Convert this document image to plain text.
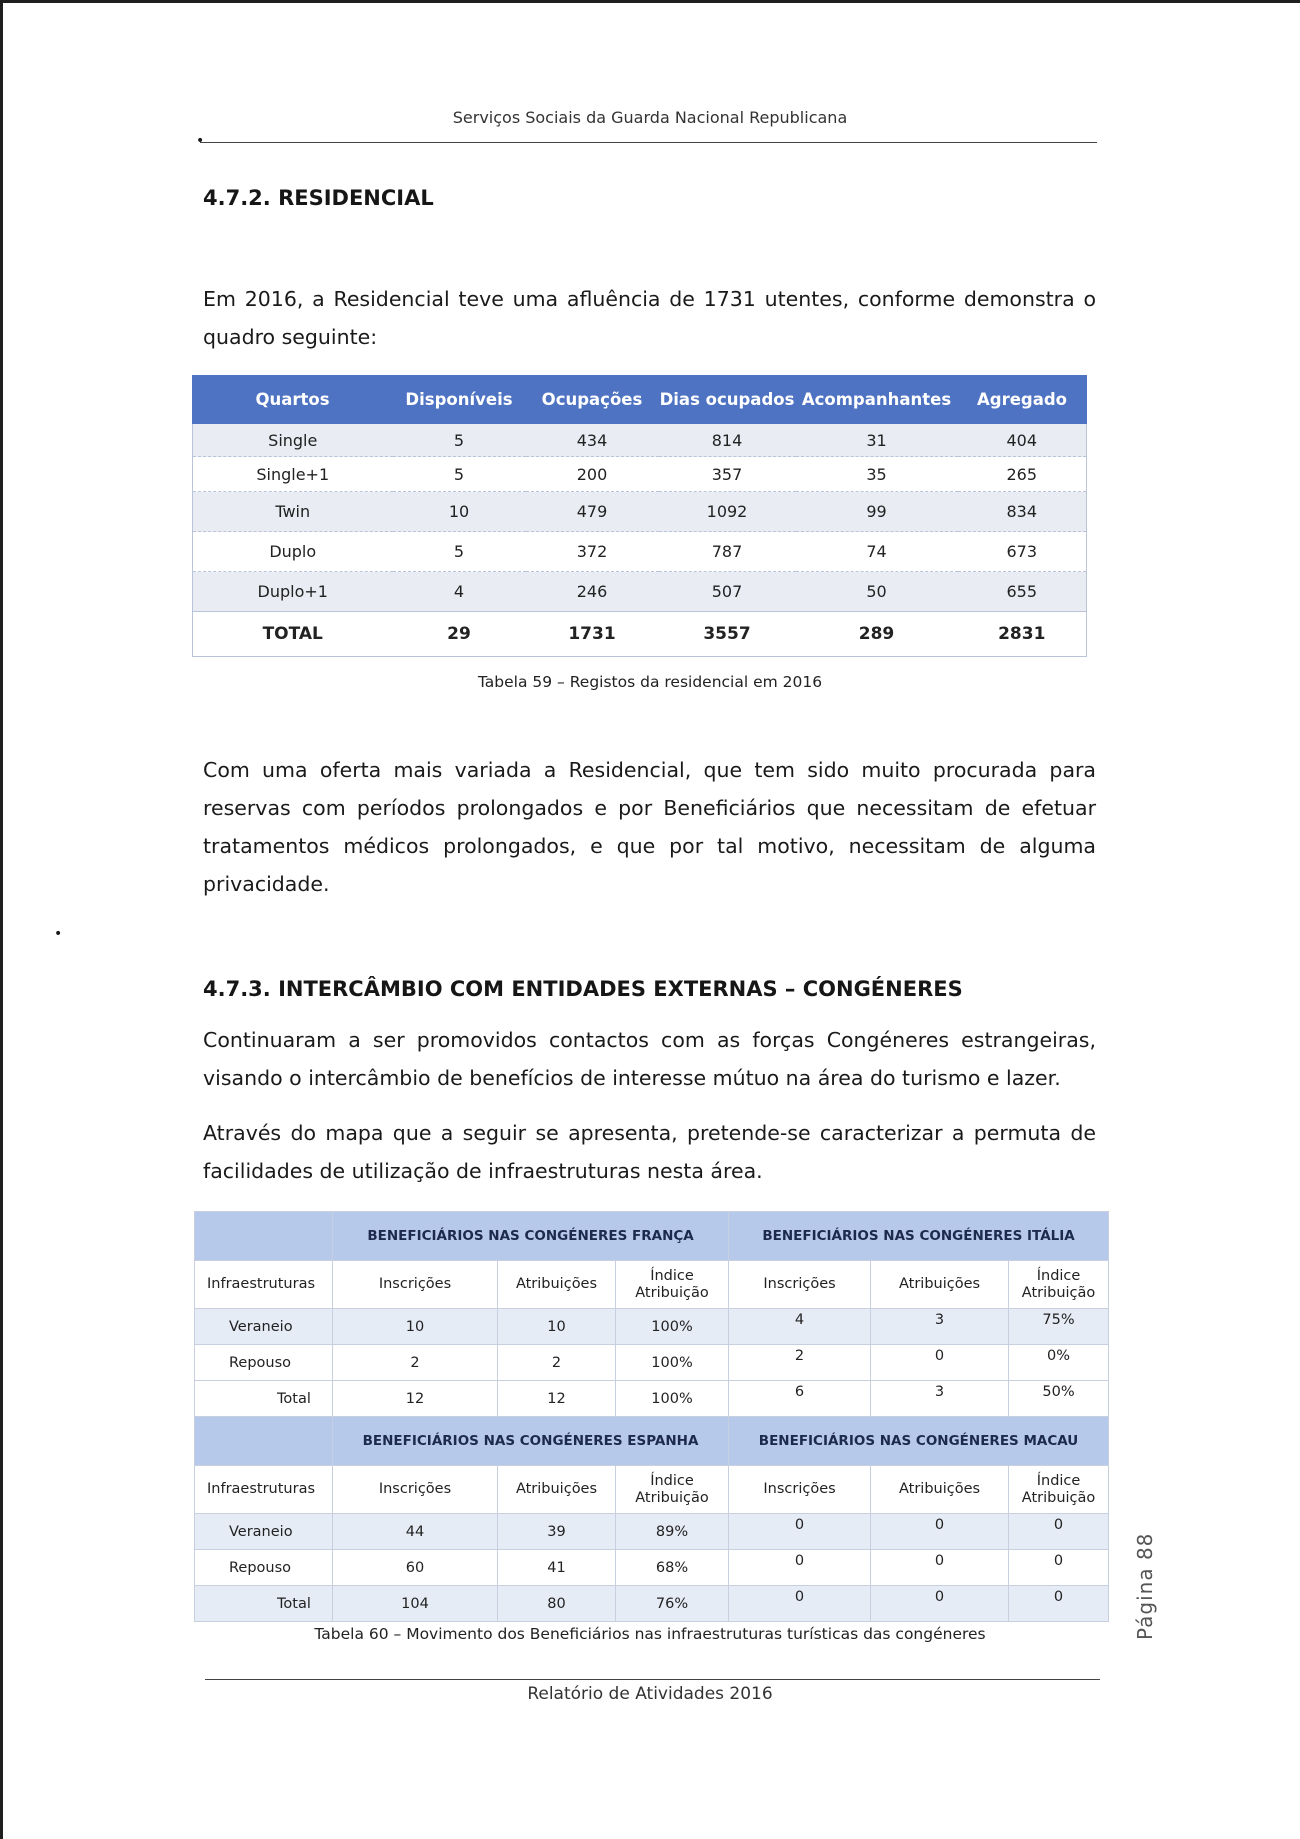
Serviços Sociais da Guarda Nacional Republicana
•
4.7.2. RESIDENCIAL

Em 2016, a Residencial teve uma afluência de 1731 utentes, conforme demonstra o quadro seguinte:

Quartos	Disponíveis	Ocupações	Dias ocupados	Acompanhantes	Agregado
Single	5	434	814	31	404
Single+1	5	200	357	35	265
Twin	10	479	1092	99	834
Duplo	5	372	787	74	673
Duplo+1	4	246	507	50	655
TOTAL	29	1731	3557	289	2831
Tabela 59 – Registos da residencial em 2016

Com uma oferta mais variada a Residencial, que tem sido muito procurada para reservas com períodos prolongados e por Beneficiários que necessitam de efetuar tratamentos médicos prolongados, e que por tal motivo, necessitam de alguma privacidade.

•
4.7.3. INTERCÂMBIO COM ENTIDADES EXTERNAS – CONGÉNERES

Continuaram a ser promovidos contactos com as forças Congéneres estrangeiras, visando o intercâmbio de benefícios de interesse mútuo na área do turismo e lazer.

Através do mapa que a seguir se apresenta, pretende-se caracterizar a permuta de facilidades de utilização de infraestruturas nesta área.

	BENEFICIÁRIOS NAS CONGÉNERES FRANÇA			BENEFICIÁRIOS NAS CONGÉNERES ITÁLIA		
Infraestruturas	Inscrições	Atribuições	Índice Atribuição	Inscrições	Atribuições	Índice Atribuição
Veraneio	10	10	100%	4	3	75%
Repouso	2	2	100%	2	0	0%
Total	12	12	100%	6	3	50%
	BENEFICIÁRIOS NAS CONGÉNERES ESPANHA			BENEFICIÁRIOS NAS CONGÉNERES MACAU		
Infraestruturas	Inscrições	Atribuições	Índice Atribuição	Inscrições	Atribuições	Índice Atribuição
Veraneio	44	39	89%	0	0	0
Repouso	60	41	68%	0	0	0
Total	104	80	76%	0	0	0
Tabela 60 – Movimento dos Beneficiários nas infraestruturas turísticas das congéneres
Relatório de Atividades 2016
Página 88
